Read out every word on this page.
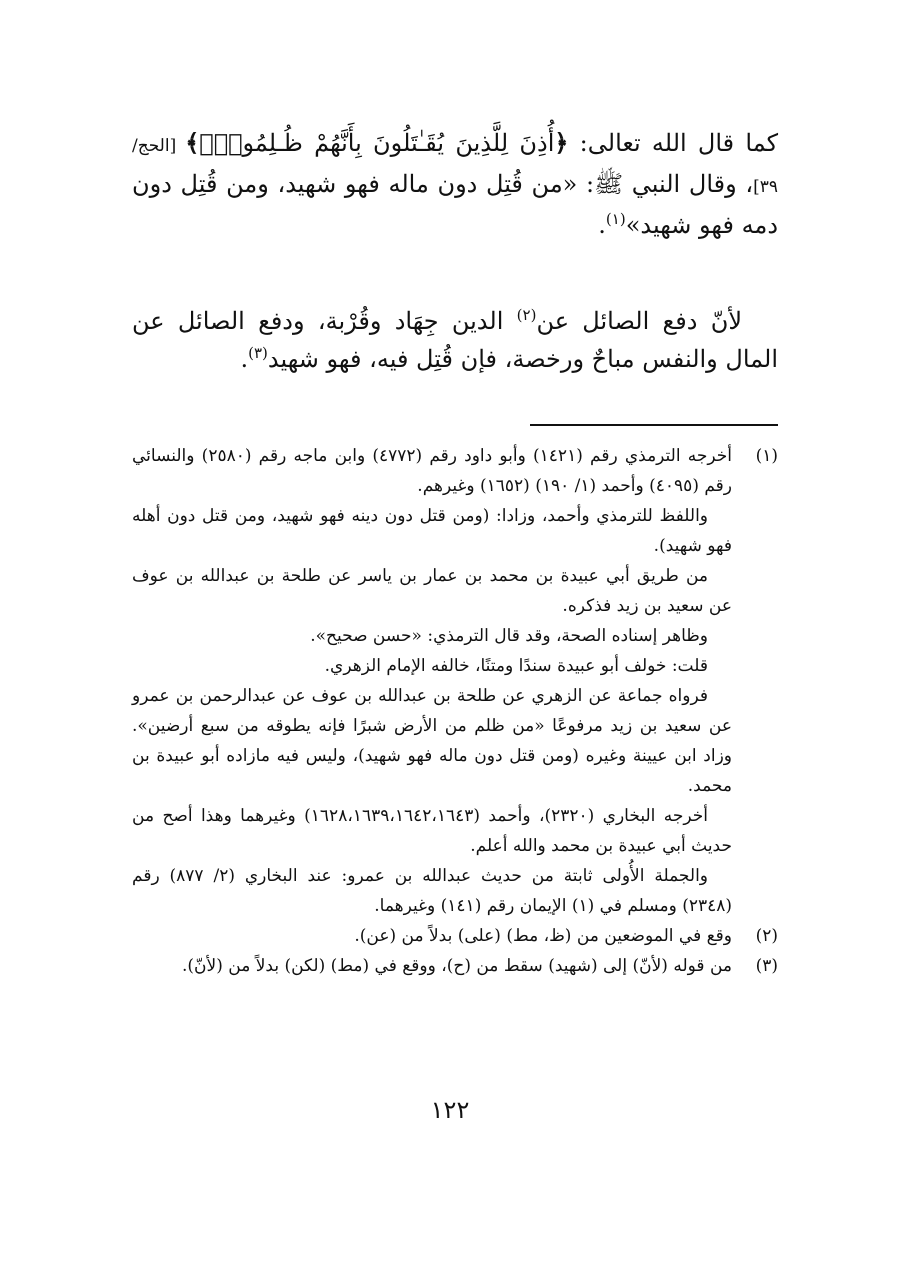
كما قال الله تعالى: ﴿أُذِنَ لِلَّذِينَ يُقَـٰتَلُونَ بِأَنَّهُمْ ظُـلِمُواْۚ﴾ [الحج/ ٣٩]، وقال النبي ﷺ: «من قُتِل دون ماله فهو شهيد، ومن قُتِل دون دمه فهو شهيد»$^{(١)}$.

لأنّ دفع الصائل عن$^{(٢)}$ الدين جِهَاد وقُرْبة، ودفع الصائل عن المال والنفس مباحٌ ورخصة، فإن قُتِل فيه، فهو شهيد$^{(٣)}$.

(١)

أخرجه الترمذي رقم (١٤٢١) وأبو داود رقم (٤٧٧٢) وابن ماجه رقم (٢٥٨٠) والنسائي رقم (٤٠٩٥) وأحمد (١/ ١٩٠) (١٦٥٢) وغيرهم.

واللفظ للترمذي وأحمد، وزادا: (ومن قتل دون دينه فهو شهيد، ومن قتل دون أهله فهو شهيد).

من طريق أبي عبيدة بن محمد بن عمار بن ياسر عن طلحة بن عبدالله بن عوف عن سعيد بن زيد فذكره.

وظاهر إسناده الصحة، وقد قال الترمذي: «حسن صحيح».

قلت: خولف أبو عبيدة سندًا ومتنًا، خالفه الإمام الزهري.

فرواه جماعة عن الزهري عن طلحة بن عبدالله بن عوف عن عبدالرحمن بن عمرو عن سعيد بن زيد مرفوعًا «من ظلم من الأرض شبرًا فإنه يطوقه من سبع أرضين». وزاد ابن عيينة وغيره (ومن قتل دون ماله فهو شهيد)، وليس فيه مازاده أبو عبيدة بن محمد.

أخرجه البخاري (٢٣٢٠)، وأحمد (١٦٢٨،١٦٣٩،١٦٤٢،١٦٤٣) وغيرهما وهذا أصح من حديث أبي عبيدة بن محمد والله أعلم.

والجملة الأُولى ثابتة من حديث عبدالله بن عمرو: عند البخاري (٢/ ٨٧٧) رقم (٢٣٤٨) ومسلم في (١) الإيمان رقم (١٤١) وغيرهما.

(٢)

وقع في الموضعين من (ظ، مط) (على) بدلاً من (عن).

(٣)

من قوله (لأنّ) إلى (شهيد) سقط من (ح)، ووقع في (مط) (لكن) بدلاً من (لأنّ).

١٢٢
